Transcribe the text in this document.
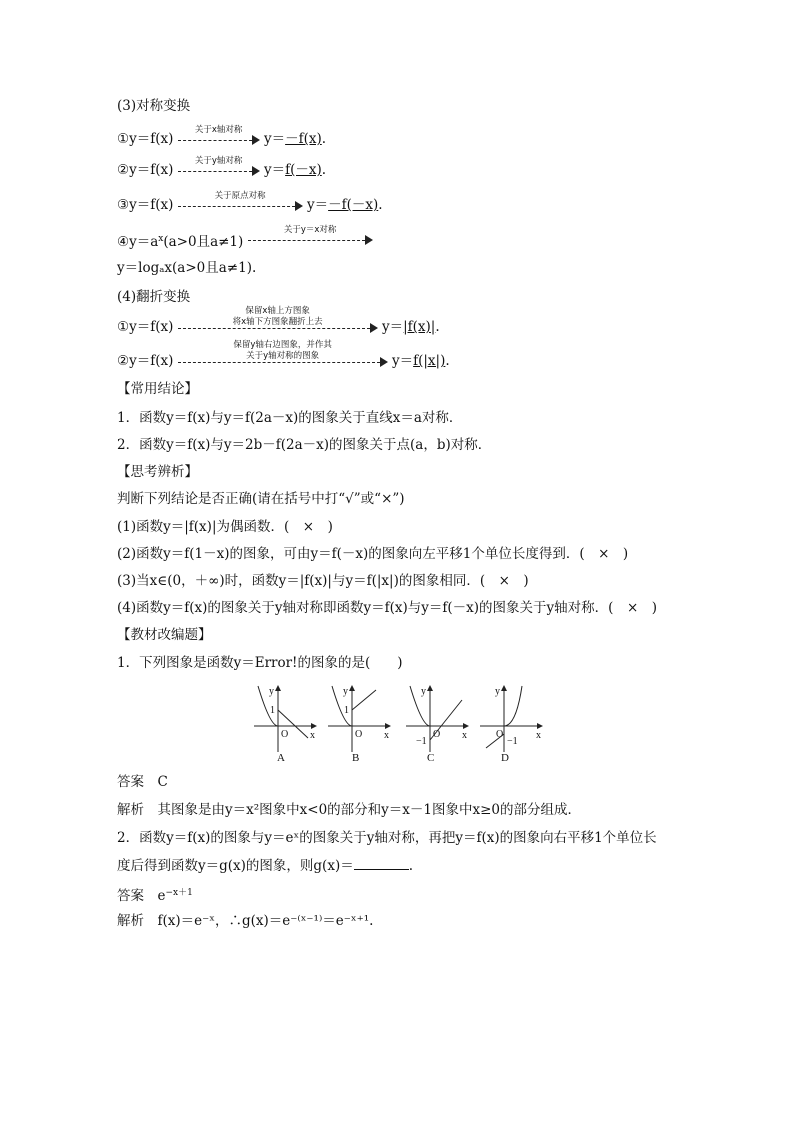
(3)对称变换
①y＝f(x)
关于x轴对称
y＝－f(x).
②y＝f(x)
关于y轴对称
y＝f(－x).
③y＝f(x)
关于原点对称
y＝－f(－x).
$④y=a^x(a>0$且a≠1)
关于y＝x对称
y＝logₐx(a>0且a≠1).
(4)翻折变换
①y＝f(x)
保留x轴上方图象
将x轴下方图象翻折上去	y＝|f(x)|.
②y＝f(x)
保留y轴右边图象，并作其
关于y轴对称的图象	y＝f(|x|).
【常用结论】
1．函数y＝f(x)与y＝f(2a－x)的图象关于直线x＝a对称．
2．函数y＝f(x)与y＝2b－f(2a－x)的图象关于点(a，b)对称．
【思考辨析】
判断下列结论是否正确(请在括号中打“√”或“×”)
(1)函数y＝|f(x)|为偶函数．(　×　)
(2)函数y＝f(1－x)的图象，可由y＝f(－x)的图象向左平移1个单位长度得到．(　×　)
(3)当x∈(0，＋∞)时，函数y＝|f(x)|与y＝f(|x|)的图象相同．(　×　)
(4)函数y＝f(x)的图象关于y轴对称即函数y＝f(x)与y＝f(－x)的图象关于y轴对称．(　×　)
【教材改编题】
1．下列图象是函数y＝Error!的图象的是(　　)
y
x
O
1
y
x
O
1
y
x
O
−1
y
x
O
−1
A	B	C	D
答案　C
解析　其图象是由y＝x²图象中x<0的部分和y＝x－1图象中x≥0的部分组成．
2．函数y＝f(x)的图象与y＝eˣ的图象关于y轴对称，再把y＝f(x)的图象向右平移1个单位长
度后得到函数y＝g(x)的图象，则g(x)＝	.
答案　$e^{-x+1}$
解析　f(x)＝e⁻ˣ，∴g(x)＝e⁻⁽ˣ⁻¹⁾＝e⁻ˣ⁺¹.
